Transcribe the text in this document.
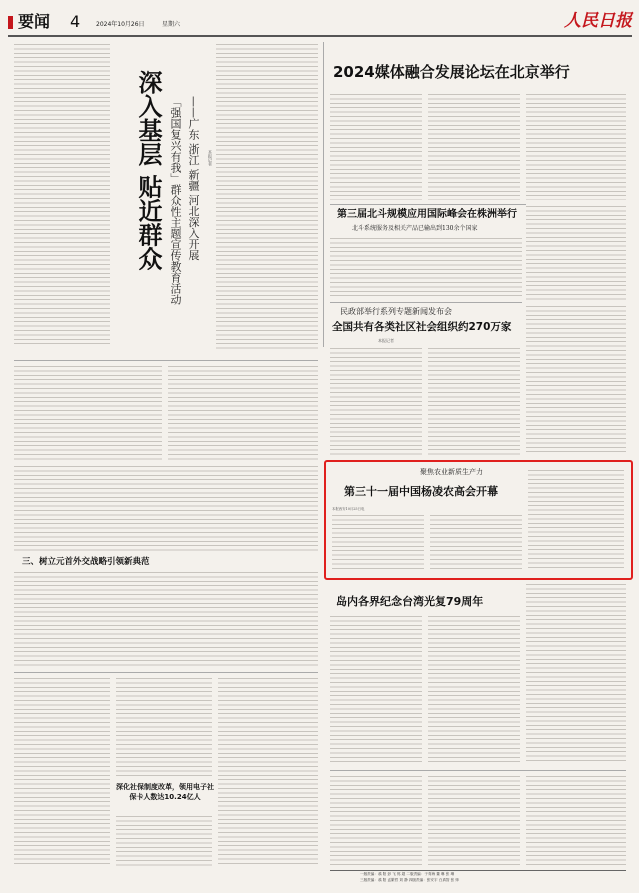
要闻 4	2024年10月26日	星期六	人民日报
深入基层 贴近群众 「强国复兴有我」群众性主题宣传教育活动 ——广东 浙江 新疆 河北深入开展 本报记者
2024媒体融合发展论坛在北京举行
第三届北斗规模应用国际峰会在株洲举行
北斗系统服务及相关产品已输出到130余个国家
民政部举行系列专题新闻发布会
全国共有各类社区社会组织约270万家
本报记者
三、树立元首外交战略引领新典范
聚焦农业新质生产力
第三十一届中国杨凌农高会开幕
本报西安10月25日电
岛内各界纪念台湾光复79周年
深化社保制度改革，领用电子社保卡人数达10.24亿人
一版责编：翁 阳 彭 飞 郭 超 二版责编：于青海 董 琳 张 琳
三版责编：翁 阳 孟繁哲 刘 静 四版责编：张安宇 白真智 张 帅
